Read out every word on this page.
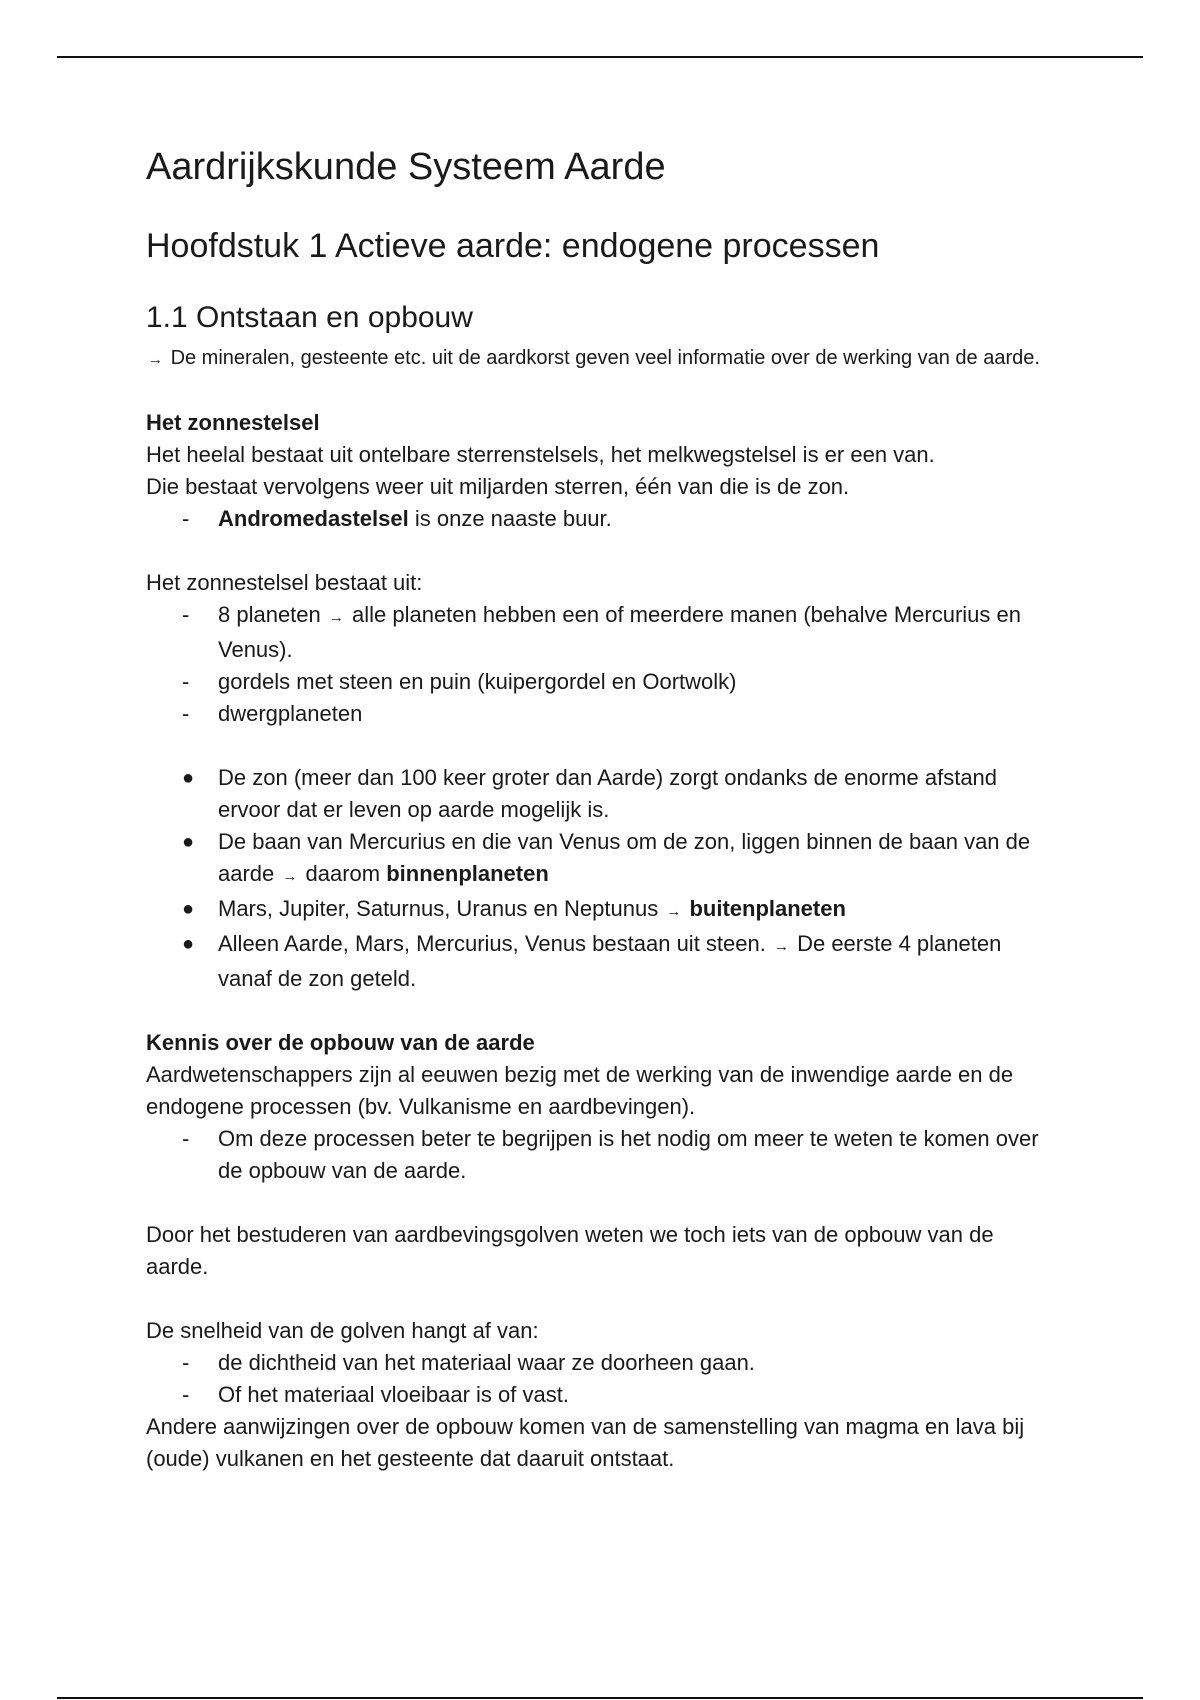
Aardrijkskunde Systeem Aarde
Hoofdstuk 1 Actieve aarde: endogene processen
1.1 Ontstaan en opbouw

→ De mineralen, gesteente etc. uit de aardkorst geven veel informatie over de werking van de aarde.

Het zonnestelsel

Het heelal bestaat uit ontelbare sterrenstelsels, het melkwegstelsel is er een van.

Die bestaat vervolgens weer uit miljarden sterren, één van die is de zon.

-	Andromedastelsel is onze naaste buur.

Het zonnestelsel bestaat uit:

-	8 planeten → alle planeten hebben een of meerdere manen (behalve Mercurius en Venus).
-	gordels met steen en puin (kuipergordel en Oortwolk)
-	dwergplaneten
●	De zon (meer dan 100 keer groter dan Aarde) zorgt ondanks de enorme afstand ervoor dat er leven op aarde mogelijk is.
●	De baan van Mercurius en die van Venus om de zon, liggen binnen de baan van de aarde → daarom binnenplaneten
●	Mars, Jupiter, Saturnus, Uranus en Neptunus → buitenplaneten
●	Alleen Aarde, Mars, Mercurius, Venus bestaan uit steen. → De eerste 4 planeten vanaf de zon geteld.

Kennis over de opbouw van de aarde

Aardwetenschappers zijn al eeuwen bezig met de werking van de inwendige aarde en de endogene processen (bv. Vulkanisme en aardbevingen).

-	Om deze processen beter te begrijpen is het nodig om meer te weten te komen over de opbouw van de aarde.

Door het bestuderen van aardbevingsgolven weten we toch iets van de opbouw van de aarde.

De snelheid van de golven hangt af van:

-	de dichtheid van het materiaal waar ze doorheen gaan.
-	Of het materiaal vloeibaar is of vast.

Andere aanwijzingen over de opbouw komen van de samenstelling van magma en lava bij (oude) vulkanen en het gesteente dat daaruit ontstaat.
